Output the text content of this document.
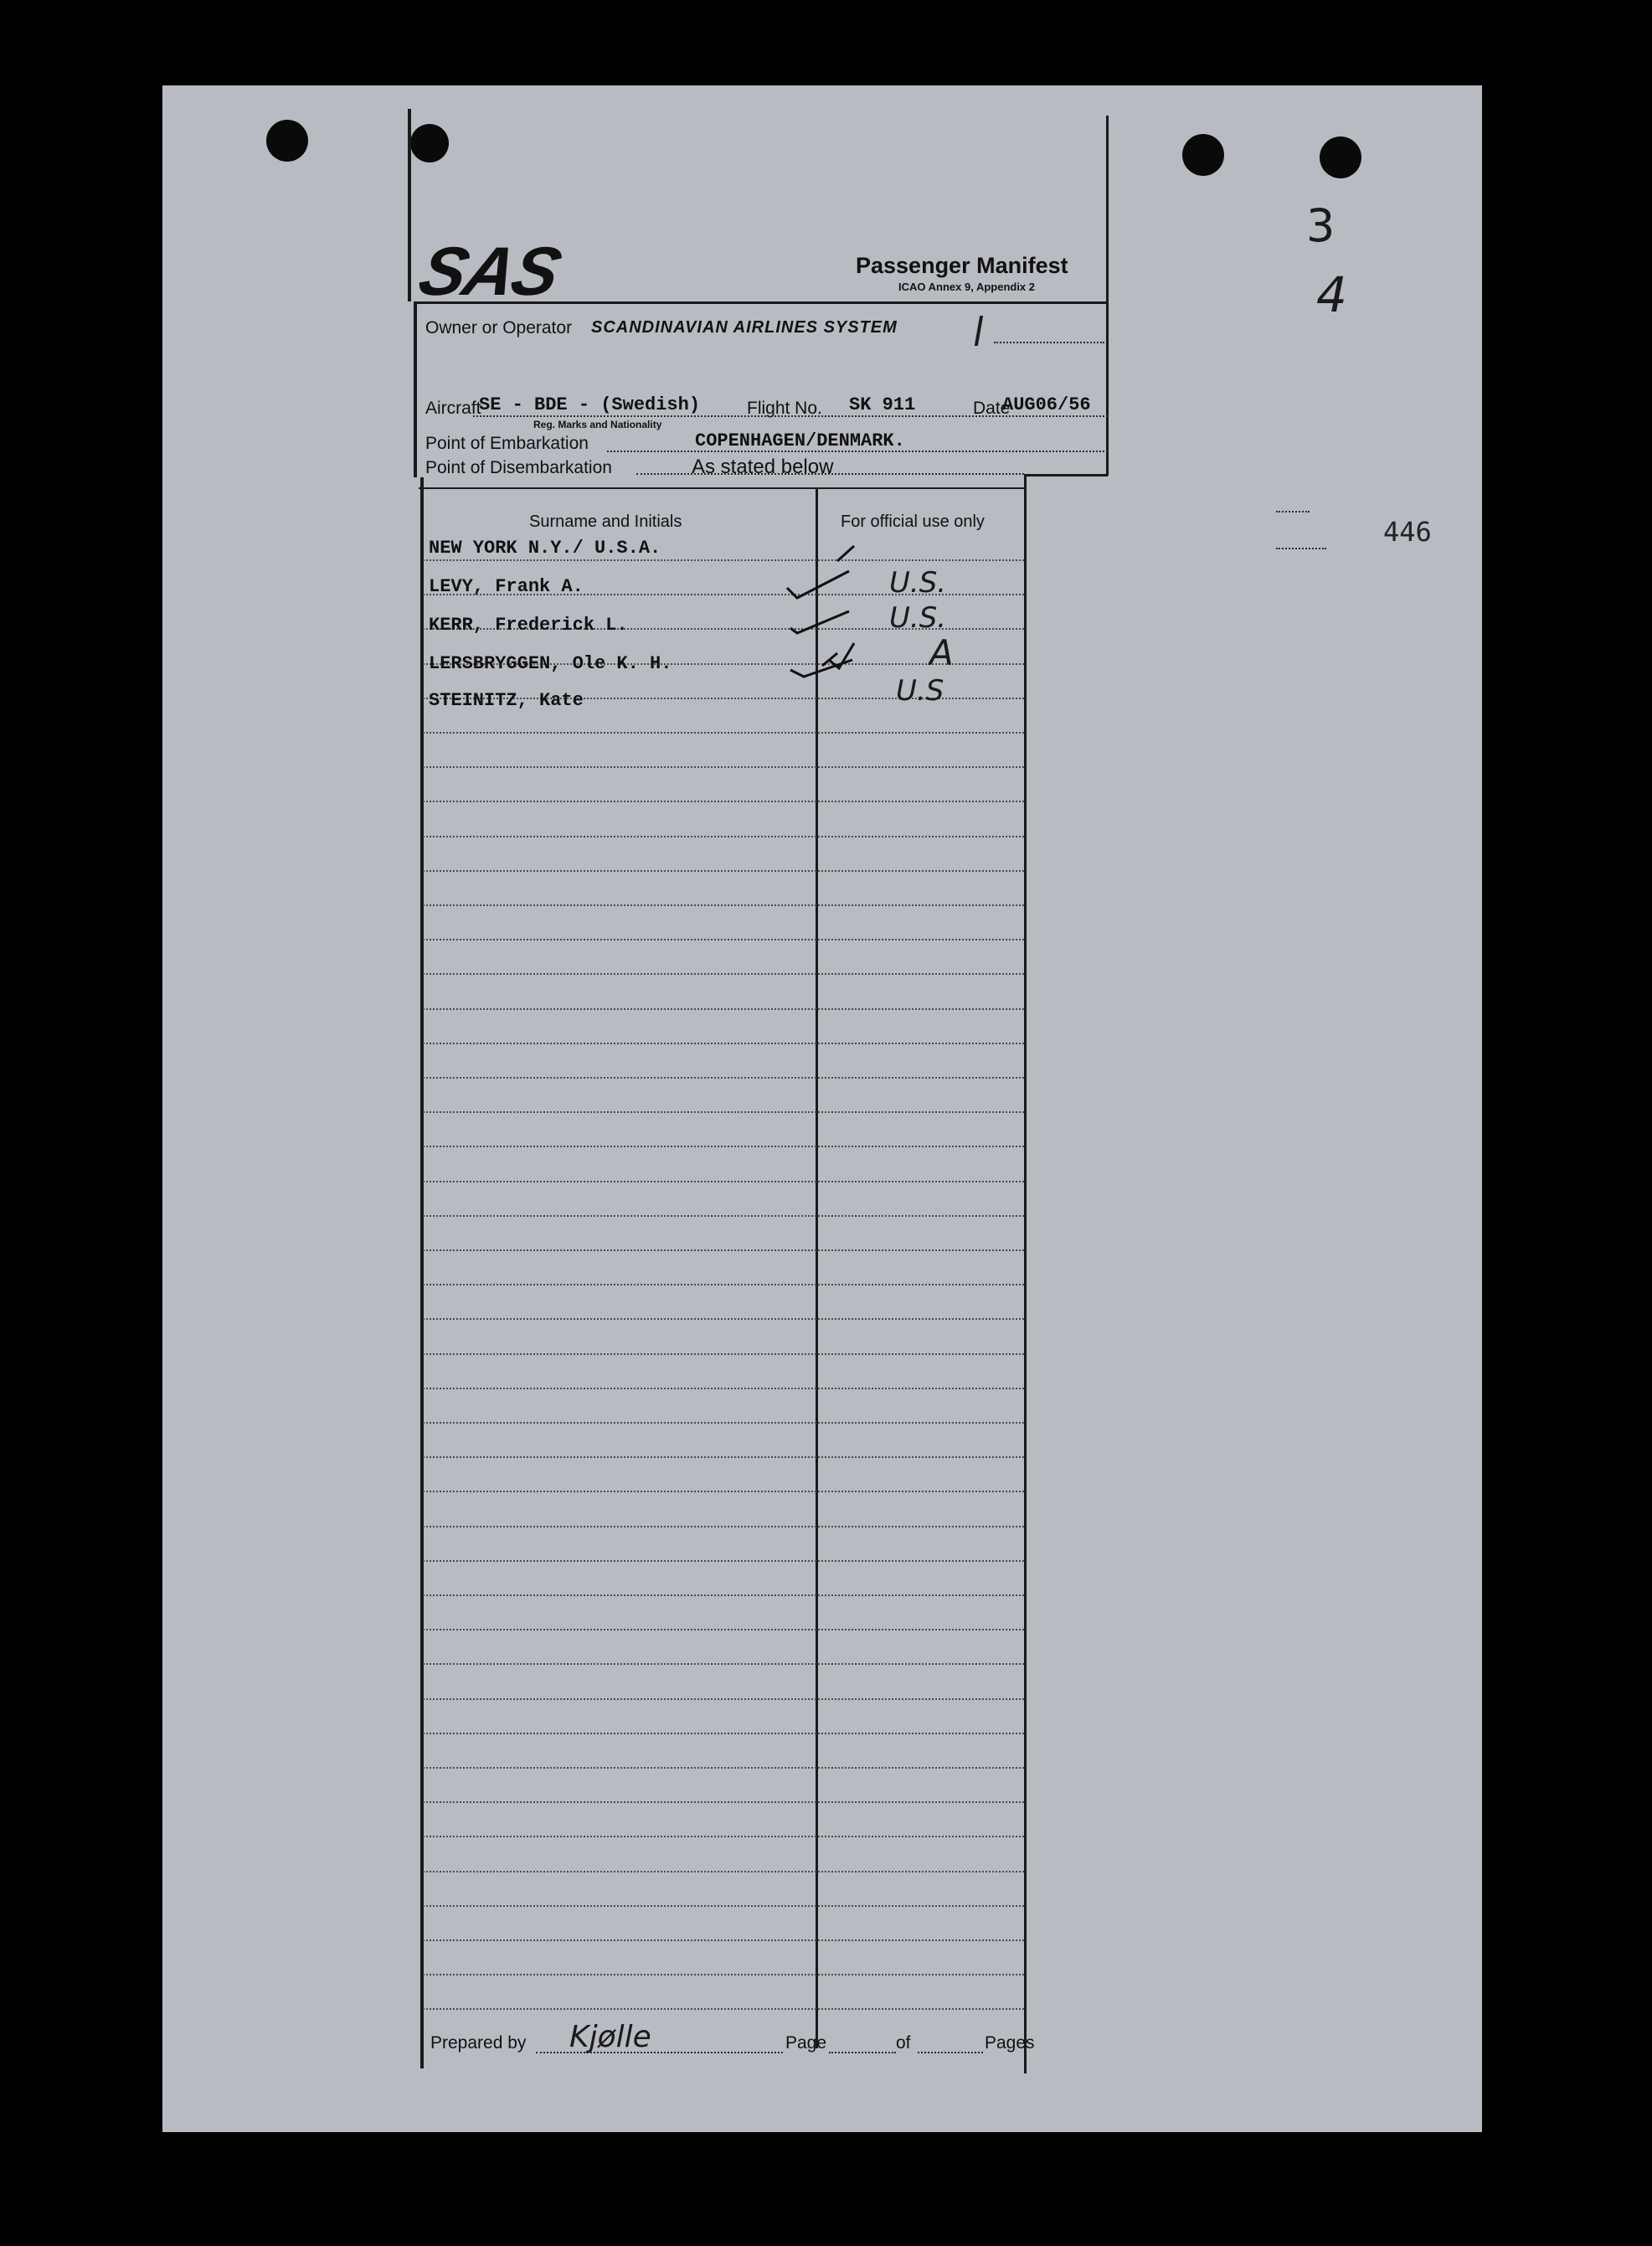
SAS	Passenger Manifest
ICAO Annex 9, Appendix 2
Owner or Operator SCANDINAVIAN AIRLINES SYSTEM
Aircraft
SE - BDE - (Swedish)
Reg. Marks and Nationality
Flight No. SK 911	Date
AUG06/56
Point of Embarkation	COPENHAGEN/DENMARK.
Point of Disembarkation	As stated below
Surname and Initials	For official use only
NEW YORK N.Y./ U.S.A.
LEVY, Frank A.	U.S.
KERR, Frederick L.	U.S.
LERSBRYGGEN, Ole K. H.	A
STEINITZ, Kate	U.S
Prepared by Kjølle	Page	of	Pages
3
4
446
